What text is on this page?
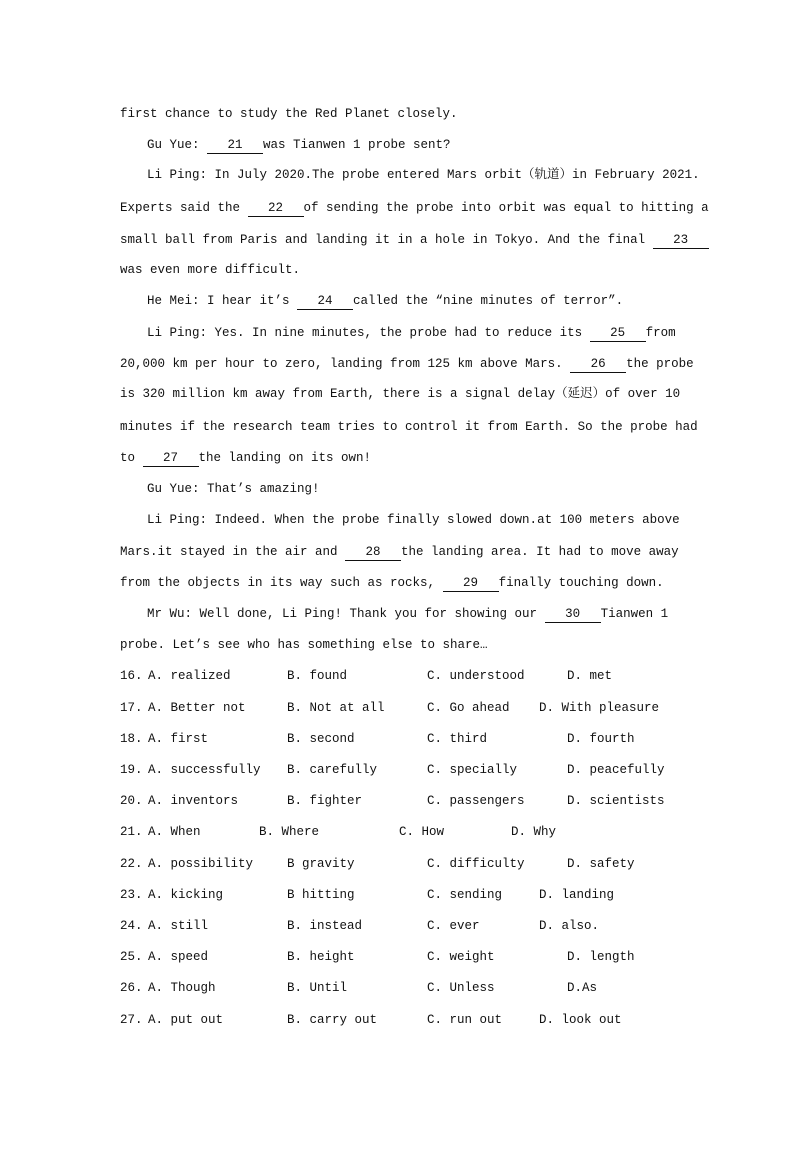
first chance to study the Red Planet closely.
Gu Yue: 21 was Tianwen 1 probe sent?
Li Ping: In July 2020.The probe entered Mars orbit（轨道）in February 2021.
Experts said the 22 of sending the probe into orbit was equal to hitting a
small ball from Paris and landing it in a hole in Tokyo. And the final 23
was even more difficult.
He Mei: I hear it’s 24 called the “nine minutes of terror”.
Li Ping: Yes. In nine minutes, the probe had to reduce its 25 from
20,000 km per hour to zero, landing from 125 km above Mars. 26 the probe
is 320 million km away from Earth, there is a signal delay（延迟）of over 10
minutes if the research team tries to control it from Earth. So the probe had
to 27 the landing on its own!
Gu Yue: That’s amazing!
Li Ping: Indeed. When the probe finally slowed down.at 100 meters above
Mars.it stayed in the air and 28 the landing area. It had to move away
from the objects in its way such as rocks, 29 finally touching down.
Mr Wu: Well done, Li Ping! Thank you for showing our 30 Tianwen 1
probe. Let’s see who has something else to share…

16.

A. realized

	B. found

	C. understood

	D. met

17.

A. Better not

	B. Not at all

	C. Go ahead

D. With pleasure

18.

A. first

	B. second

	C. third

	D. fourth

19.

A. successfully

B. carefully

	C. specially

	D. peacefully

20.

A. inventors

	B. fighter

	C. passengers

	D. scientists

21.

A. When

	B. Where

	C. How

	D. Why

22.

A. possibility

	B gravity

	C. difficulty

	D. safety

23.

A. kicking

	B hitting

	C. sending

	D. landing

24.

A. still

	B. instead

	C. ever

	D. also.

25.

A. speed

	B. height

	C. weight

	D. length

26.

A. Though

	B. Until

	C. Unless

	D.As

27.

A. put out

	B. carry out

	C. run out

	D. look out
